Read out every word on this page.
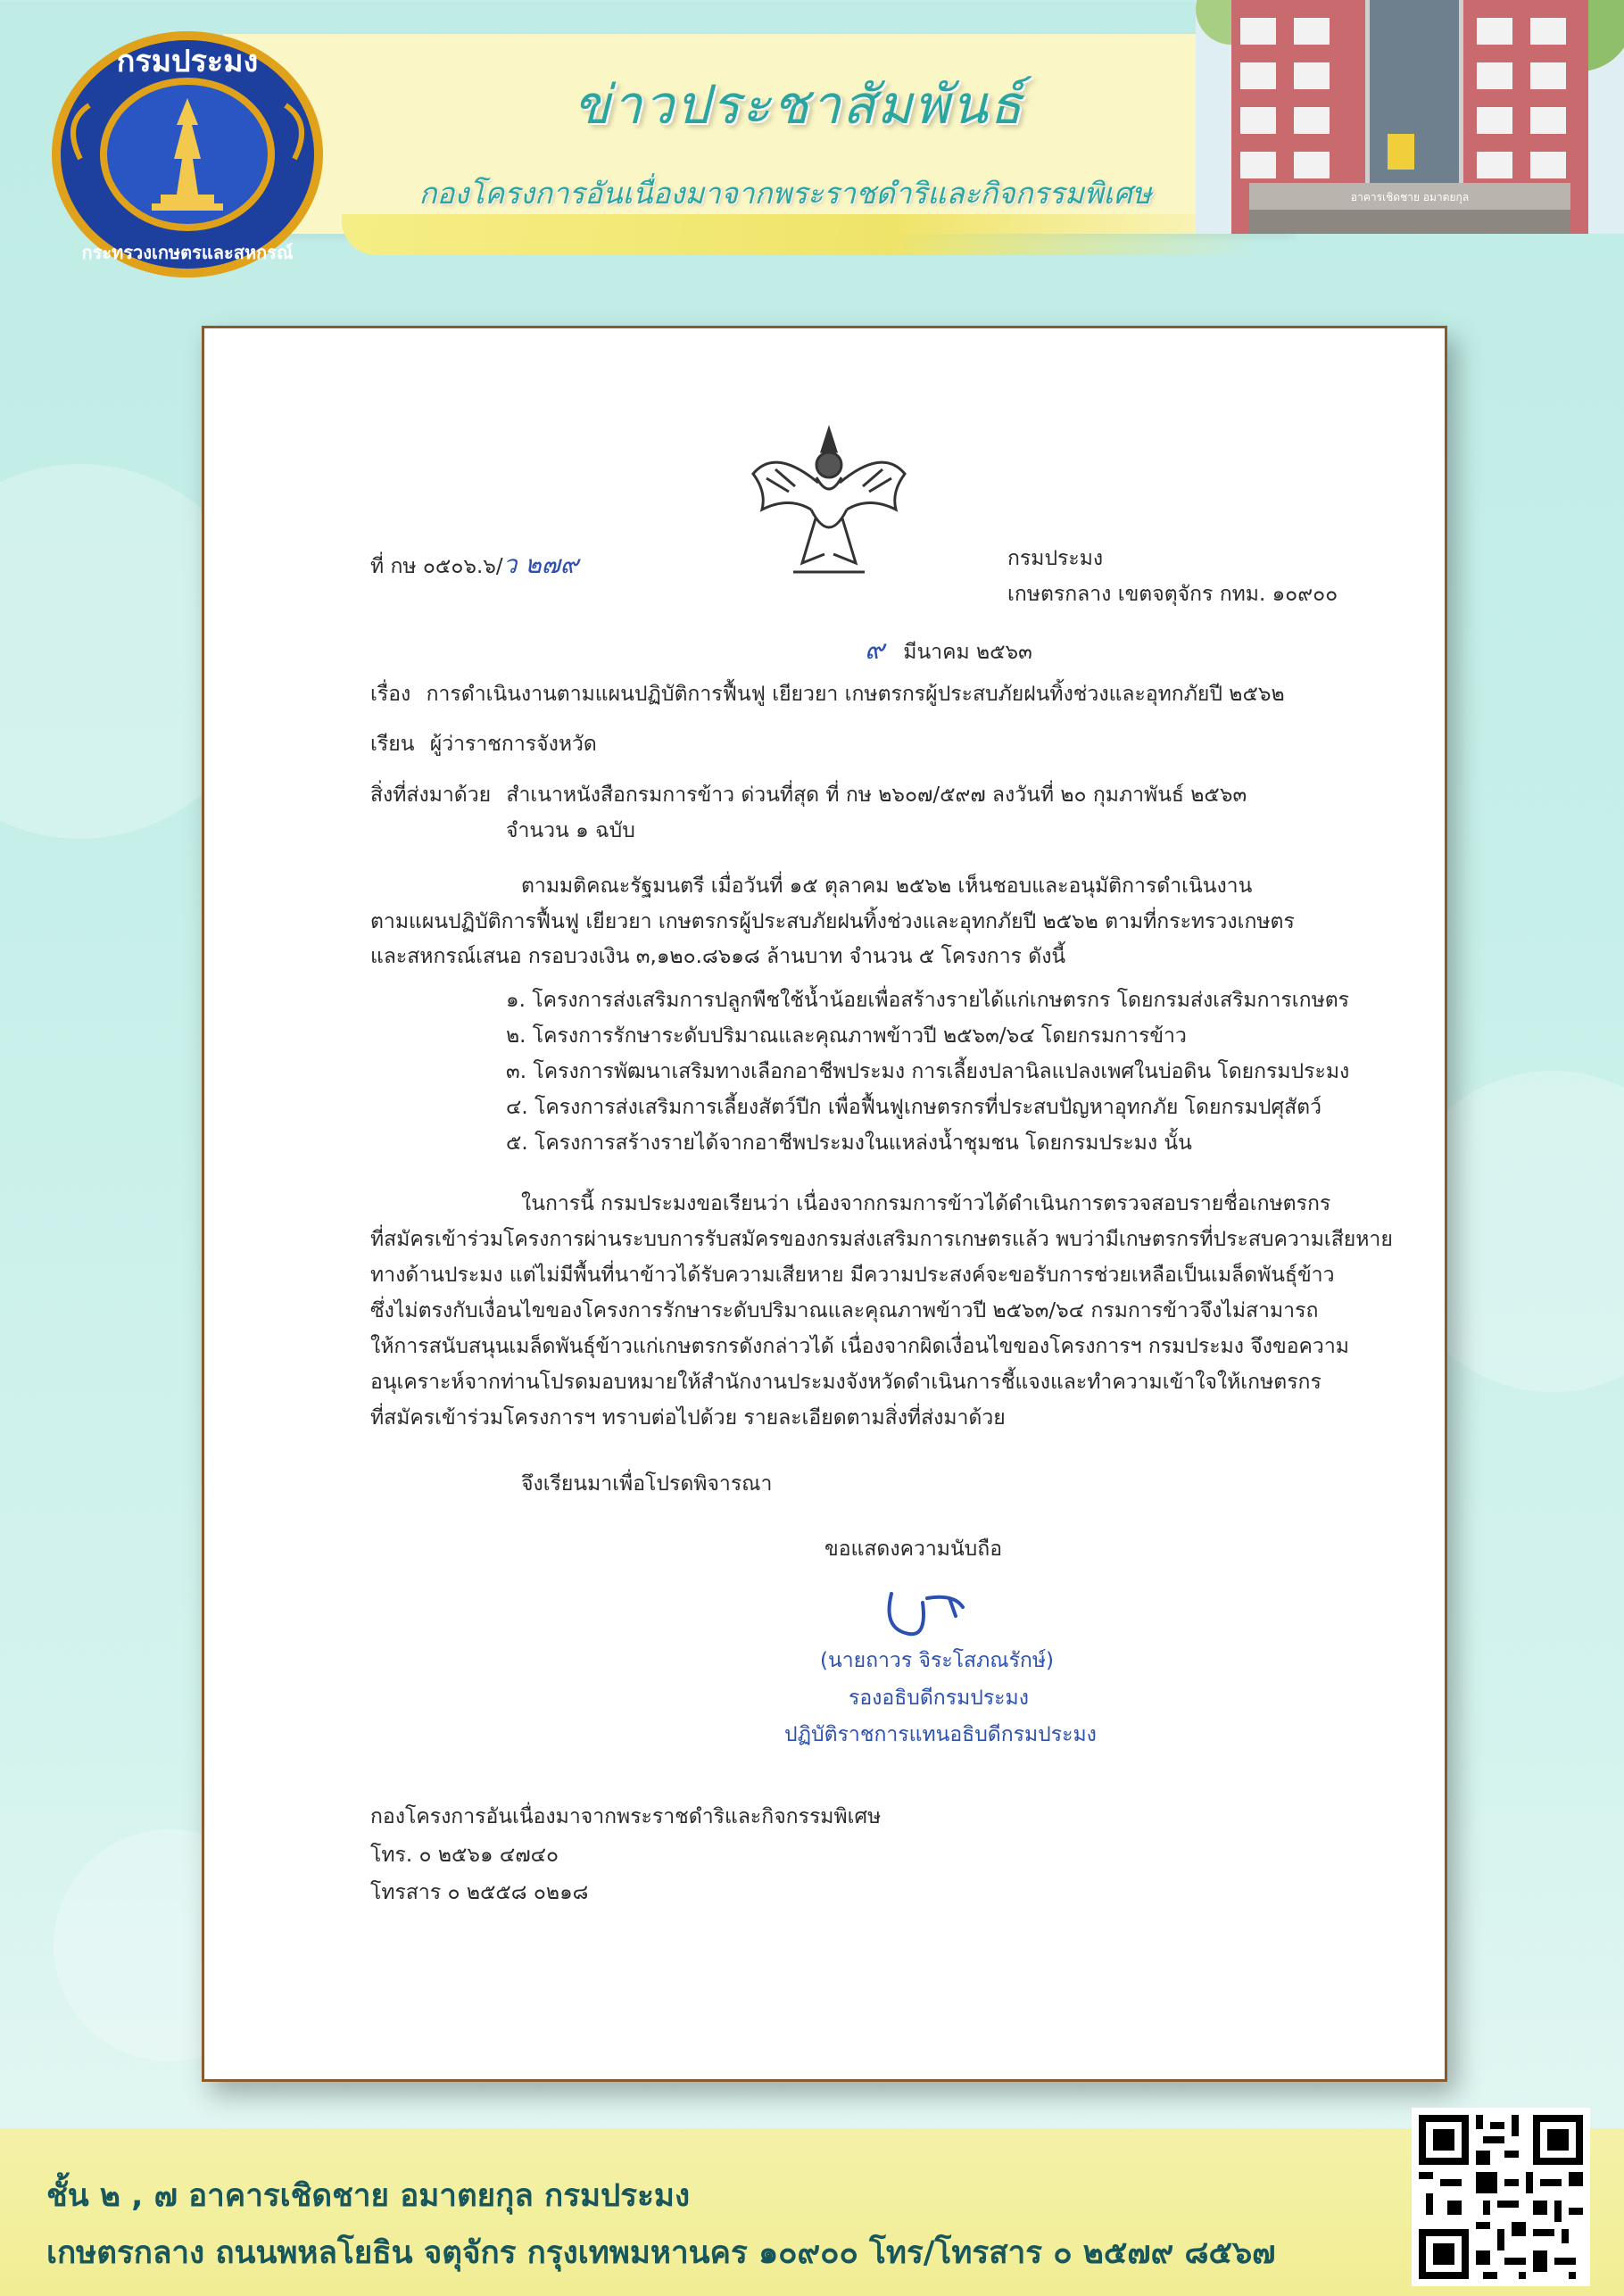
อาคารเชิดชาย อมาตยกุล
กรมประมง
กระทรวงเกษตรและสหกรณ์
ข่าวประชาสัมพันธ์
กองโครงการอันเนื่องมาจากพระราชดำริและกิจกรรมพิเศษ
ที่ กษ ๐๕๐๖.๖/ว ๒๗๙	กรมประมง
เกษตรกลาง เขตจตุจักร กทม. ๑๐๙๐๐
๙ มีนาคม ๒๕๖๓
เรื่อง การดำเนินงานตามแผนปฏิบัติการฟื้นฟู เยียวยา เกษตรกรผู้ประสบภัยฝนทิ้งช่วงและอุทกภัยปี ๒๕๖๒
เรียน ผู้ว่าราชการจังหวัด
สิ่งที่ส่งมาด้วย สำเนาหนังสือกรมการข้าว ด่วนที่สุด ที่ กษ ๒๖๐๗/๕๙๗ ลงวันที่ ๒๐ กุมภาพันธ์ ๒๕๖๓
จำนวน ๑ ฉบับ
ตามมติคณะรัฐมนตรี เมื่อวันที่ ๑๕ ตุลาคม ๒๕๖๒ เห็นชอบและอนุมัติการดำเนินงาน
ตามแผนปฏิบัติการฟื้นฟู เยียวยา เกษตรกรผู้ประสบภัยฝนทิ้งช่วงและอุทกภัยปี ๒๕๖๒ ตามที่กระทรวงเกษตร
และสหกรณ์เสนอ กรอบวงเงิน ๓,๑๒๐.๘๖๑๘ ล้านบาท จำนวน ๕ โครงการ ดังนี้
๑. โครงการส่งเสริมการปลูกพืชใช้น้ำน้อยเพื่อสร้างรายได้แก่เกษตรกร โดยกรมส่งเสริมการเกษตร
๒. โครงการรักษาระดับปริมาณและคุณภาพข้าวปี ๒๕๖๓/๖๔ โดยกรมการข้าว
๓. โครงการพัฒนาเสริมทางเลือกอาชีพประมง การเลี้ยงปลานิลแปลงเพศในบ่อดิน โดยกรมประมง
๔. โครงการส่งเสริมการเลี้ยงสัตว์ปีก เพื่อฟื้นฟูเกษตรกรที่ประสบปัญหาอุทกภัย โดยกรมปศุสัตว์
๕. โครงการสร้างรายได้จากอาชีพประมงในแหล่งน้ำชุมชน โดยกรมประมง นั้น
ในการนี้ กรมประมงขอเรียนว่า เนื่องจากกรมการข้าวได้ดำเนินการตรวจสอบรายชื่อเกษตรกร
ที่สมัครเข้าร่วมโครงการผ่านระบบการรับสมัครของกรมส่งเสริมการเกษตรแล้ว พบว่ามีเกษตรกรที่ประสบความเสียหาย
ทางด้านประมง แต่ไม่มีพื้นที่นาข้าวได้รับความเสียหาย มีความประสงค์จะขอรับการช่วยเหลือเป็นเมล็ดพันธุ์ข้าว
ซึ่งไม่ตรงกับเงื่อนไขของโครงการรักษาระดับปริมาณและคุณภาพข้าวปี ๒๕๖๓/๖๔ กรมการข้าวจึงไม่สามารถ
ให้การสนับสนุนเมล็ดพันธุ์ข้าวแก่เกษตรกรดังกล่าวได้ เนื่องจากผิดเงื่อนไขของโครงการฯ กรมประมง จึงขอความ
อนุเคราะห์จากท่านโปรดมอบหมายให้สำนักงานประมงจังหวัดดำเนินการชี้แจงและทำความเข้าใจให้เกษตรกร
ที่สมัครเข้าร่วมโครงการฯ ทราบต่อไปด้วย รายละเอียดตามสิ่งที่ส่งมาด้วย
จึงเรียนมาเพื่อโปรดพิจารณา
ขอแสดงความนับถือ
(นายถาวร จิระโสภณรักษ์)
รองอธิบดีกรมประมง
ปฏิบัติราชการแทนอธิบดีกรมประมง
กองโครงการอันเนื่องมาจากพระราชดำริและกิจกรรมพิเศษ
โทร. ๐ ๒๕๖๑ ๔๗๔๐
โทรสาร ๐ ๒๕๕๘ ๐๒๑๘
ชั้น ๒ , ๗ อาคารเชิดชาย อมาตยกุล กรมประมง
เกษตรกลาง ถนนพหลโยธิน จตุจักร กรุงเทพมหานคร ๑๐๙๐๐ โทร/โทรสาร ๐ ๒๕๗๙ ๘๕๖๗
